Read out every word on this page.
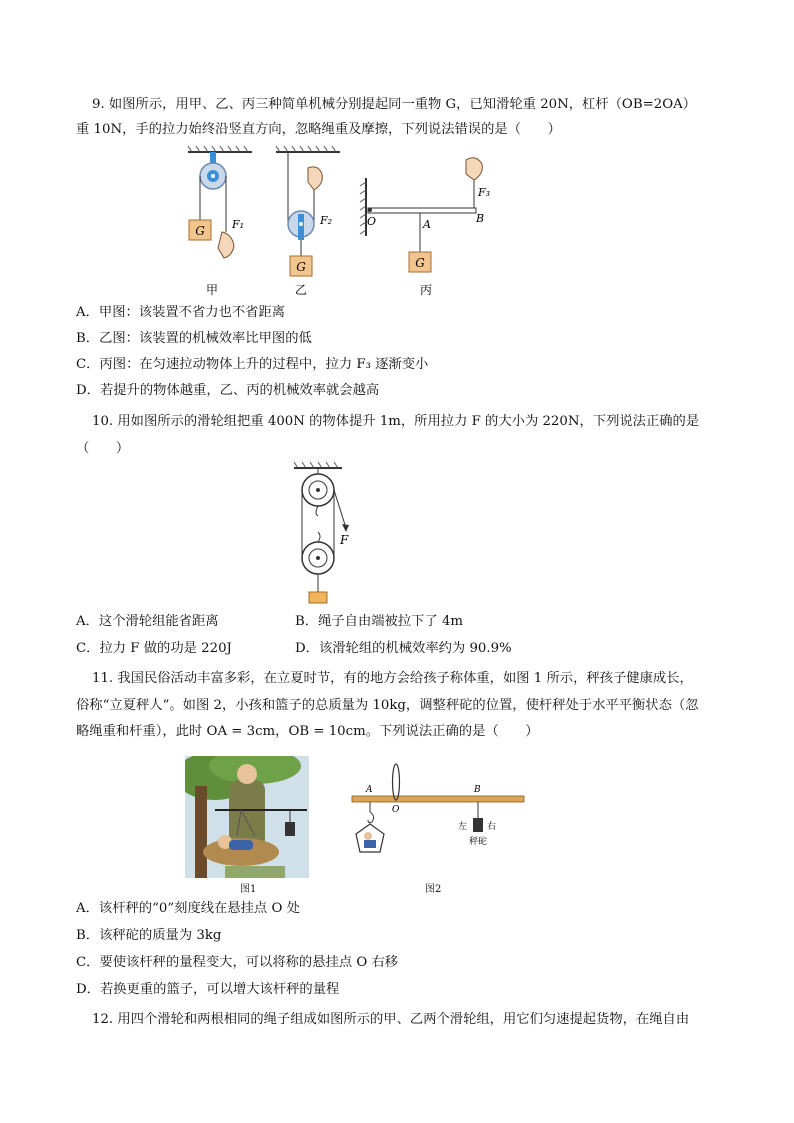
9. 如图所示，用甲、乙、丙三种简单机械分别提起同一重物 G，已知滑轮重 20N，杠杆（OB=2OA）
重 10N，手的拉力始终沿竖直方向，忽略绳重及摩擦，下列说法错误的是（　　）
G F₁
G
F₂	O	A
G
F₃
B
甲	乙	丙
A．甲图：该装置不省力也不省距离
B．乙图：该装置的机械效率比甲图的低
C．丙图：在匀速拉动物体上升的过程中，拉力 F₃ 逐渐变小
D．若提升的物体越重，乙、丙的机械效率就会越高
10. 用如图所示的滑轮组把重 400N 的物体提升 1m，所用拉力 F 的大小为 220N，下列说法正确的是
（　　）
F
A．这个滑轮组能省距离	B．绳子自由端被拉下了 4m
C．拉力 F 做的功是 220J	D．该滑轮组的机械效率约为 90.9%
11. 我国民俗活动丰富多彩，在立夏时节，有的地方会给孩子称体重，如图 1 所示，秤孩子健康成长，
俗称“立夏秤人”。如图 2，小孩和篮子的总质量为 10kg，调整秤砣的位置，使杆秤处于水平平衡状态（忽
略绳重和杆重），此时 OA = 3cm，OB = 10cm。下列说法正确的是（　　）
图1
A
O
B
左 右
秤砣
图2
A．该杆秤的“0”刻度线在悬挂点 O 处
B．该秤砣的质量为 3kg
C．要使该杆秤的量程变大，可以将称的悬挂点 O 右移
D．若换更重的篮子，可以增大该杆秤的量程
12. 用四个滑轮和两根相同的绳子组成如图所示的甲、乙两个滑轮组，用它们匀速提起货物，在绳自由
